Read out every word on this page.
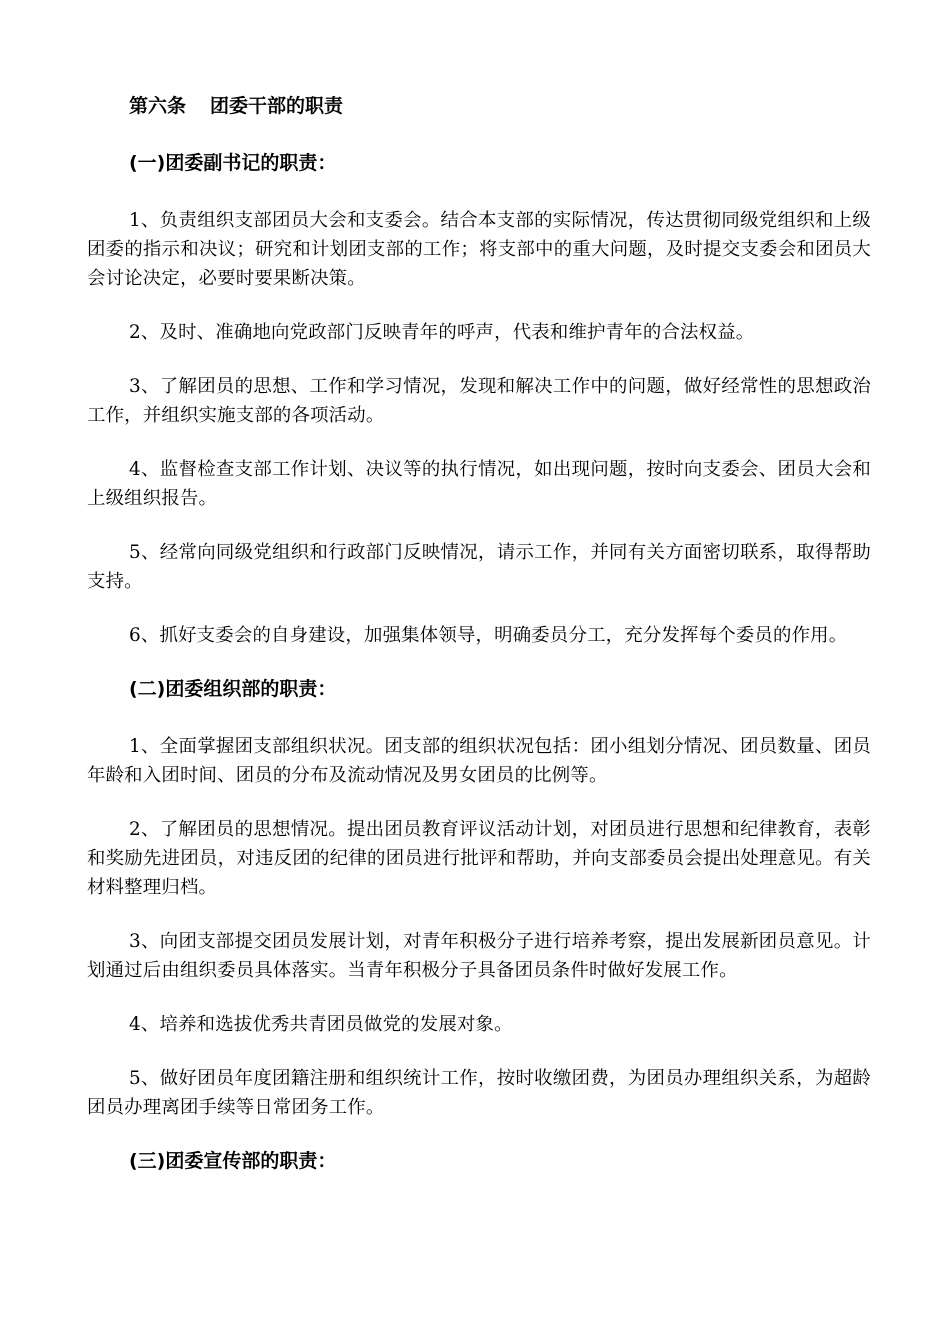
第六条 团委干部的职责
(一)团委副书记的职责：

1、负责组织支部团员大会和支委会。结合本支部的实际情况，传达贯彻同级党组织和上级团委的指示和决议；研究和计划团支部的工作；将支部中的重大问题，及时提交支委会和团员大会讨论决定，必要时要果断决策。

2、及时、准确地向党政部门反映青年的呼声，代表和维护青年的合法权益。

3、了解团员的思想、工作和学习情况，发现和解决工作中的问题，做好经常性的思想政治工作，并组织实施支部的各项活动。

4、监督检查支部工作计划、决议等的执行情况，如出现问题，按时向支委会、团员大会和上级组织报告。

5、经常向同级党组织和行政部门反映情况，请示工作，并同有关方面密切联系，取得帮助支持。

6、抓好支委会的自身建设，加强集体领导，明确委员分工，充分发挥每个委员的作用。

(二)团委组织部的职责：

1、全面掌握团支部组织状况。团支部的组织状况包括：团小组划分情况、团员数量、团员年龄和入团时间、团员的分布及流动情况及男女团员的比例等。

2、了解团员的思想情况。提出团员教育评议活动计划，对团员进行思想和纪律教育，表彰和奖励先进团员，对违反团的纪律的团员进行批评和帮助，并向支部委员会提出处理意见。有关材料整理归档。

3、向团支部提交团员发展计划，对青年积极分子进行培养考察，提出发展新团员意见。计划通过后由组织委员具体落实。当青年积极分子具备团员条件时做好发展工作。

4、培养和选拔优秀共青团员做党的发展对象。

5、做好团员年度团籍注册和组织统计工作，按时收缴团费，为团员办理组织关系，为超龄团员办理离团手续等日常团务工作。

(三)团委宣传部的职责：
